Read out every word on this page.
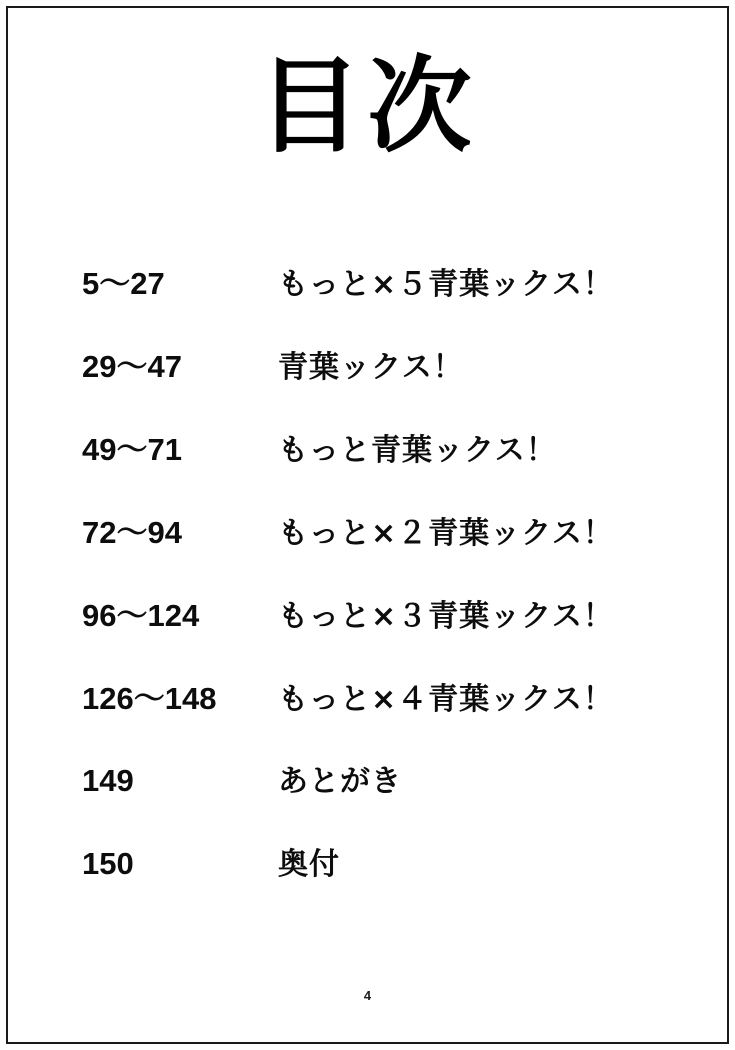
目次
5〜27	もっと×５青葉ックス！
29〜47	青葉ックス！
49〜71	もっと青葉ックス！
72〜94	もっと×２青葉ックス！
96〜124	もっと×３青葉ックス！
126〜148	もっと×４青葉ックス！
149	あとがき
150	奥付
4
